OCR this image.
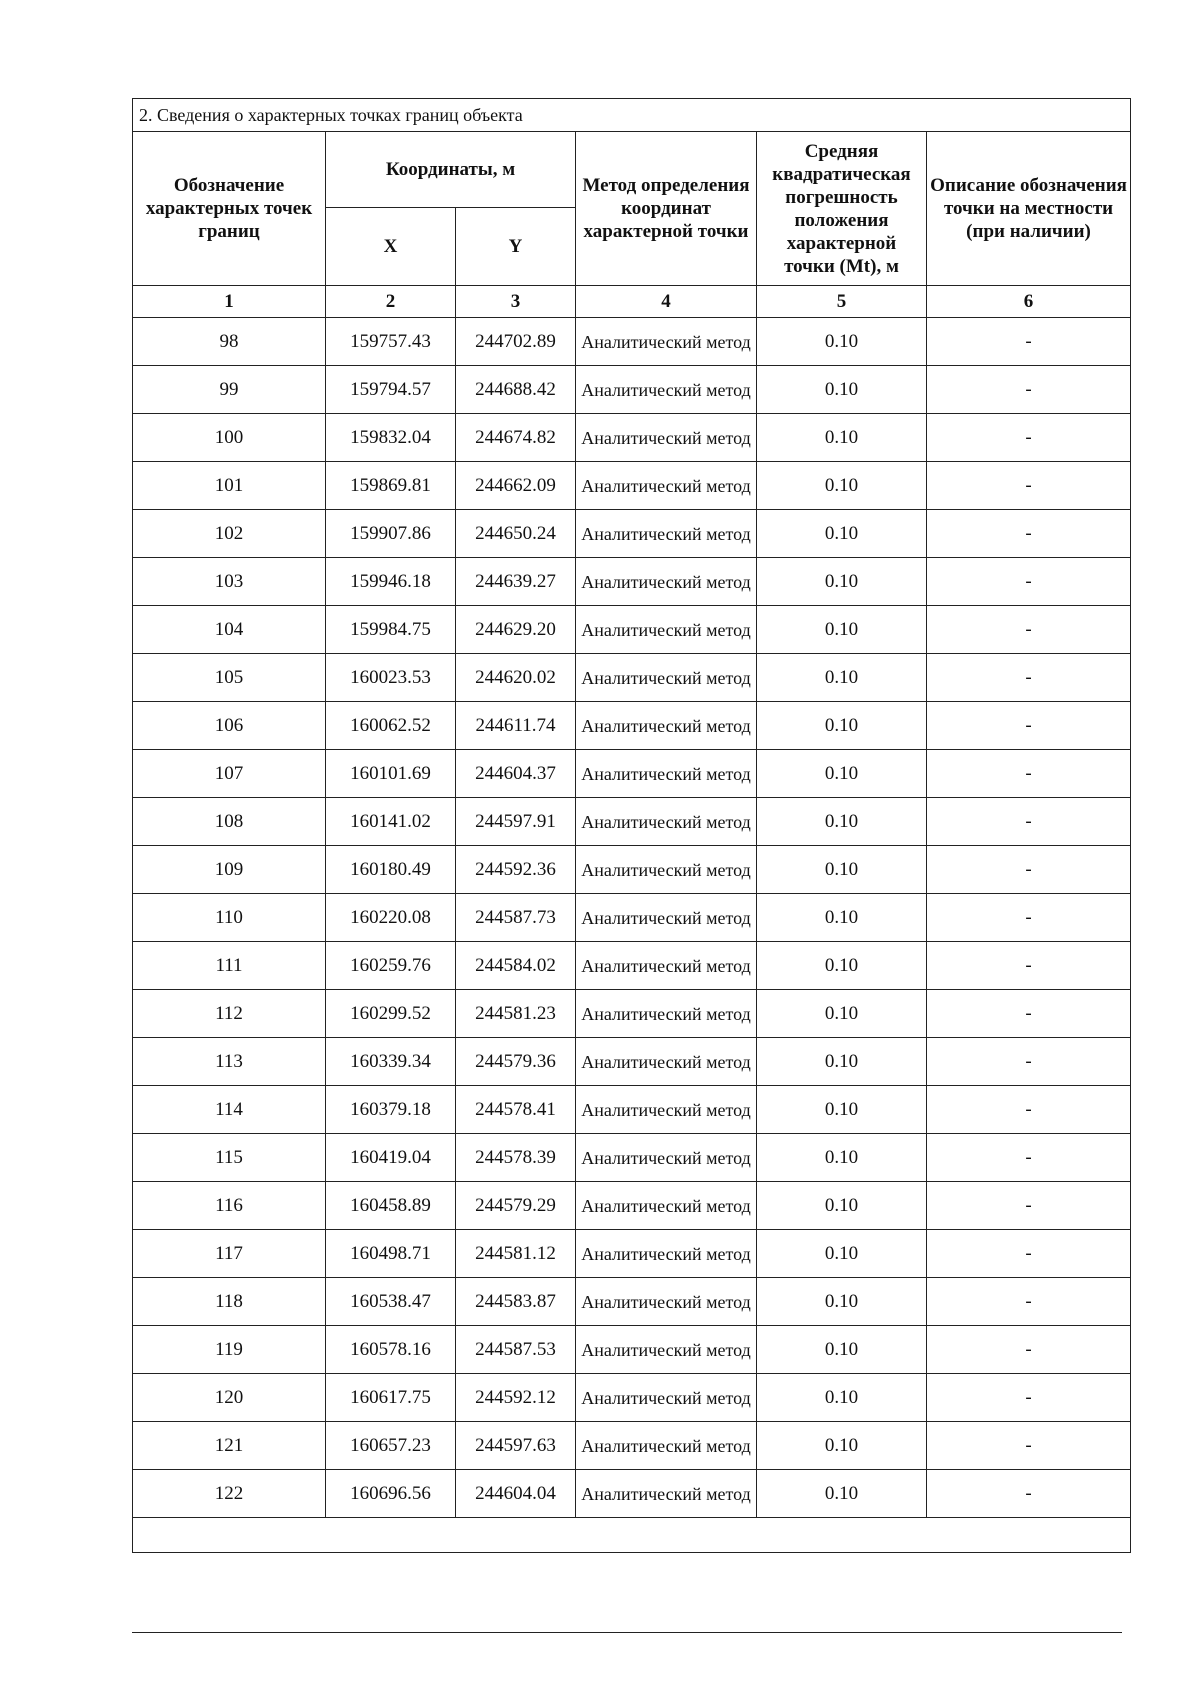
2. Сведения о характерных точках границ объекта					
Обозначение характерных точек границ	Координаты, м		Метод определения координат характерной точки	Средняя квадратическая погрешность положения характерной точки (Mt), м	Описание обозначения точки на местности (при наличии)
	X	Y			
1	2	3	4	5	6
98	159757.43	244702.89	Аналитический метод	0.10	-
99	159794.57	244688.42	Аналитический метод	0.10	-
100	159832.04	244674.82	Аналитический метод	0.10	-
101	159869.81	244662.09	Аналитический метод	0.10	-
102	159907.86	244650.24	Аналитический метод	0.10	-
103	159946.18	244639.27	Аналитический метод	0.10	-
104	159984.75	244629.20	Аналитический метод	0.10	-
105	160023.53	244620.02	Аналитический метод	0.10	-
106	160062.52	244611.74	Аналитический метод	0.10	-
107	160101.69	244604.37	Аналитический метод	0.10	-
108	160141.02	244597.91	Аналитический метод	0.10	-
109	160180.49	244592.36	Аналитический метод	0.10	-
110	160220.08	244587.73	Аналитический метод	0.10	-
111	160259.76	244584.02	Аналитический метод	0.10	-
112	160299.52	244581.23	Аналитический метод	0.10	-
113	160339.34	244579.36	Аналитический метод	0.10	-
114	160379.18	244578.41	Аналитический метод	0.10	-
115	160419.04	244578.39	Аналитический метод	0.10	-
116	160458.89	244579.29	Аналитический метод	0.10	-
117	160498.71	244581.12	Аналитический метод	0.10	-
118	160538.47	244583.87	Аналитический метод	0.10	-
119	160578.16	244587.53	Аналитический метод	0.10	-
120	160617.75	244592.12	Аналитический метод	0.10	-
121	160657.23	244597.63	Аналитический метод	0.10	-
122	160696.56	244604.04	Аналитический метод	0.10	-
